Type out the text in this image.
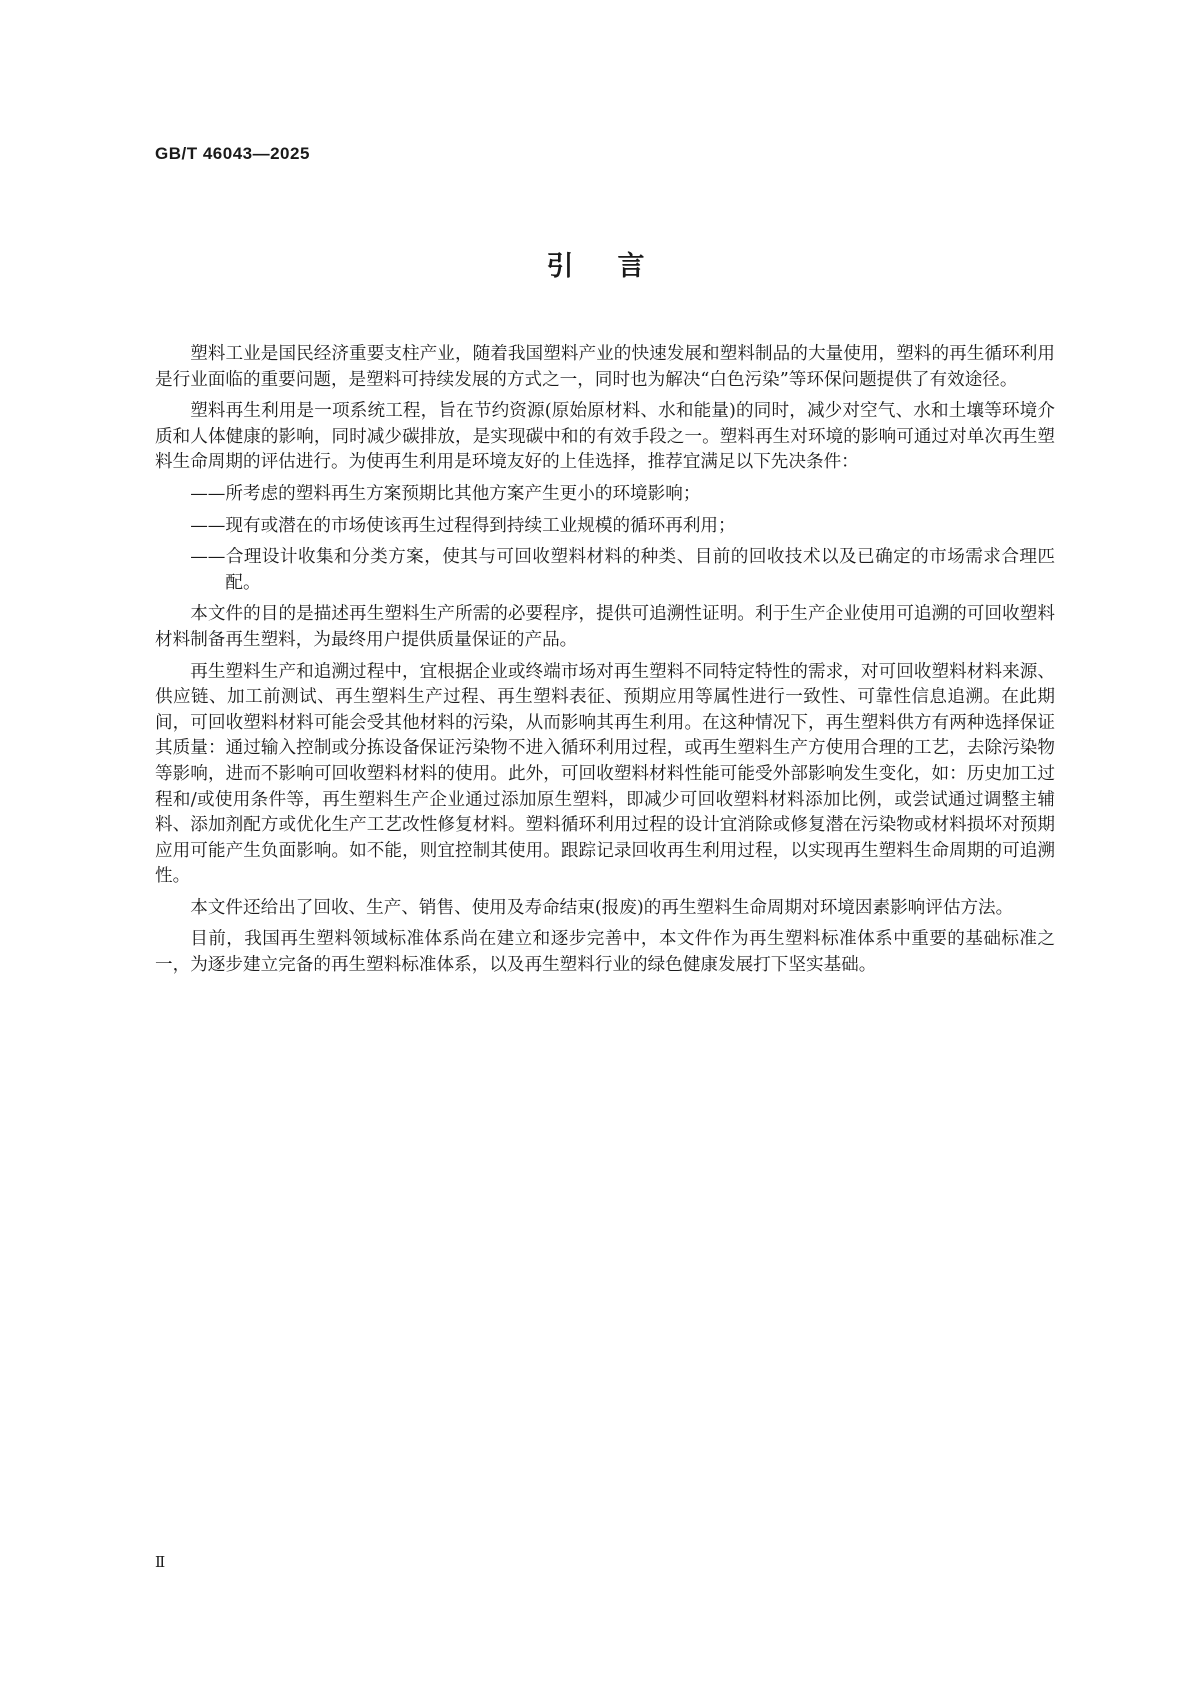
GB/T 46043—2025
引言

塑料工业是国民经济重要支柱产业，随着我国塑料产业的快速发展和塑料制品的大量使用，塑料的再生循环利用是行业面临的重要问题，是塑料可持续发展的方式之一，同时也为解决“白色污染”等环保问题提供了有效途径。

塑料再生利用是一项系统工程，旨在节约资源(原始原材料、水和能量)的同时，减少对空气、水和土壤等环境介质和人体健康的影响，同时减少碳排放，是实现碳中和的有效手段之一。塑料再生对环境的影响可通过对单次再生塑料生命周期的评估进行。为使再生利用是环境友好的上佳选择，推荐宜满足以下先决条件：

——所考虑的塑料再生方案预期比其他方案产生更小的环境影响；
——现有或潜在的市场使该再生过程得到持续工业规模的循环再利用；
——合理设计收集和分类方案，使其与可回收塑料材料的种类、目前的回收技术以及已确定的市场需求合理匹配。

本文件的目的是描述再生塑料生产所需的必要程序，提供可追溯性证明。利于生产企业使用可追溯的可回收塑料材料制备再生塑料，为最终用户提供质量保证的产品。

再生塑料生产和追溯过程中，宜根据企业或终端市场对再生塑料不同特定特性的需求，对可回收塑料材料来源、供应链、加工前测试、再生塑料生产过程、再生塑料表征、预期应用等属性进行一致性、可靠性信息追溯。在此期间，可回收塑料材料可能会受其他材料的污染，从而影响其再生利用。在这种情况下，再生塑料供方有两种选择保证其质量：通过输入控制或分拣设备保证污染物不进入循环利用过程，或再生塑料生产方使用合理的工艺，去除污染物等影响，进而不影响可回收塑料材料的使用。此外，可回收塑料材料性能可能受外部影响发生变化，如：历史加工过程和/或使用条件等，再生塑料生产企业通过添加原生塑料，即减少可回收塑料材料添加比例，或尝试通过调整主辅料、添加剂配方或优化生产工艺改性修复材料。塑料循环利用过程的设计宜消除或修复潜在污染物或材料损坏对预期应用可能产生负面影响。如不能，则宜控制其使用。跟踪记录回收再生利用过程，以实现再生塑料生命周期的可追溯性。

本文件还给出了回收、生产、销售、使用及寿命结束(报废)的再生塑料生命周期对环境因素影响评估方法。

目前，我国再生塑料领域标准体系尚在建立和逐步完善中，本文件作为再生塑料标准体系中重要的基础标准之一，为逐步建立完备的再生塑料标准体系，以及再生塑料行业的绿色健康发展打下坚实基础。

Ⅱ
